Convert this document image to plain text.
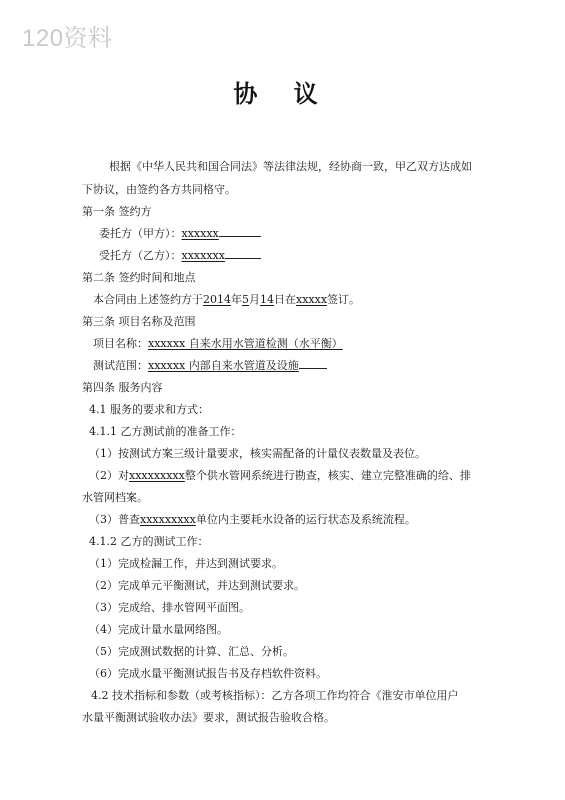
120资料
协 议
根据《中华人民共和国合同法》等法律法规，经协商一致，甲乙双方达成如
下协议，由签约各方共同格守。
第一条 签约方
委托方（甲方）：xxxxxx
受托方（乙方）：xxxxxxx
第二条 签约时间和地点
本合同由上述签约方于2014年5月14日在xxxxx签订。
第三条 项目名称及范围
项目名称：xxxxxx 自来水用水管道检测（水平衡）
测试范围：xxxxxx 内部自来水管道及设施
第四条 服务内容
4.1 服务的要求和方式：
4.1.1 乙方测试前的准备工作：
（1）按测试方案三级计量要求，核实需配备的计量仪表数量及表位。
（2）对xxxxxxxxx整个供水管网系统进行勘查，核实、建立完整准确的给、排
水管网档案。
（3）普查xxxxxxxxx单位内主要耗水设备的运行状态及系统流程。
4.1.2 乙方的测试工作：
（1）完成检漏工作，并达到测试要求。
（2）完成单元平衡测试，并达到测试要求。
（3）完成给、排水管网平面图。
（4）完成计量水量网络图。
（5）完成测试数据的计算、汇总、分析。
（6）完成水量平衡测试报告书及存档软件资料。
4.2 技术指标和参数（或考核指标）：乙方各项工作均符合《淮安市单位用户
水量平衡测试验收办法》要求，测试报告验收合格。
